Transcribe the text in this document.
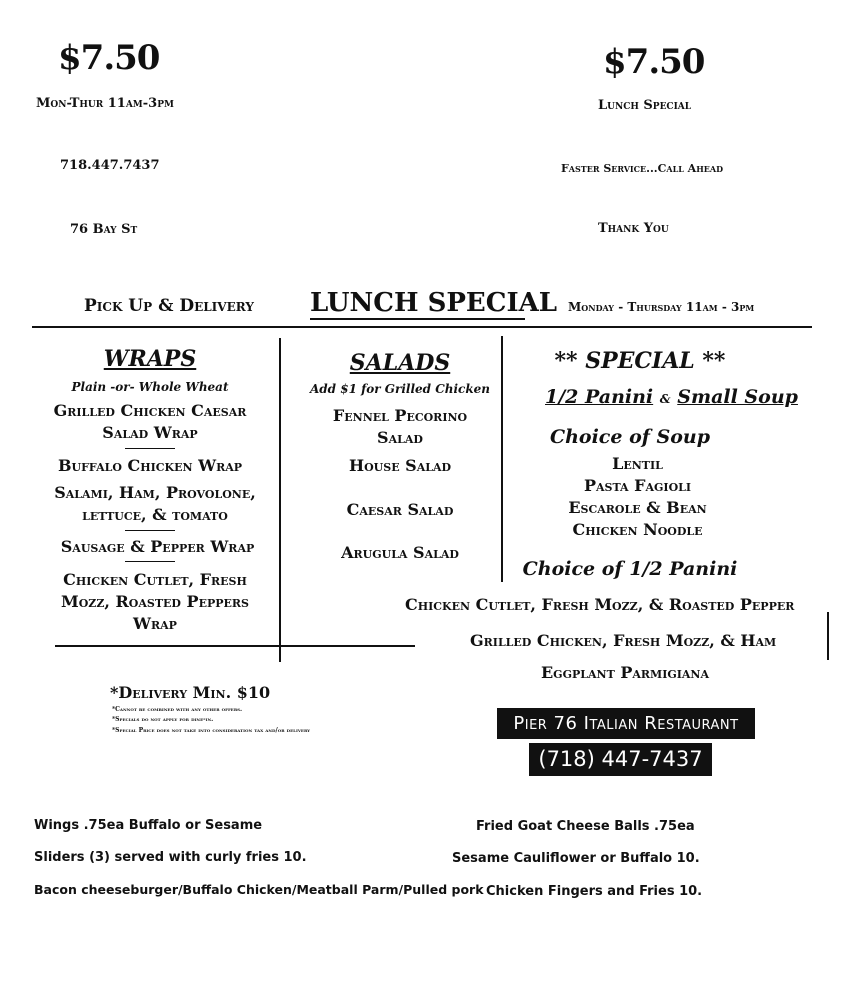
$7.50
Mon-Thur 11am-3pm
718.447.7437
76 Bay St
$7.50
Lunch Special
Faster Service...Call Ahead
Thank You
Pick Up & Delivery LUNCH SPECIAL Monday - Thursday 11am - 3pm
WRAPS
Plain -or- Whole Wheat
Grilled Chicken Caesar Salad Wrap
Buffalo Chicken Wrap
Salami, Ham, Provolone, lettuce, & tomato
Sausage & Pepper Wrap
Chicken Cutlet, Fresh Mozz, Roasted Peppers Wrap
SALADS
Add $1 for Grilled Chicken
Fennel Pecorino Salad
House Salad
Caesar Salad
Arugula Salad
** SPECIAL **
1/2 Panini & Small Soup
Choice of Soup
Lentil
Pasta Fagioli
Escarole & Bean
Chicken Noodle
Choice of 1/2 Panini
Chicken Cutlet, Fresh Mozz, & Roasted Pepper
Grilled Chicken, Fresh Mozz, & Ham
Eggplant Parmigiana
*Delivery Min. $10
*Cannot be combined with any other offers.
*Specials do not apply for dine-in.
*Special Price does not take into consideration tax and/or delivery	Pier 76 Italian Restaurant
(718) 447-7437
Wings .75ea Buffalo or Sesame
Sliders (3) served with curly fries 10.
Bacon cheeseburger/Buffalo Chicken/Meatball Parm/Pulled pork
Fried Goat Cheese Balls .75ea
Sesame Cauliflower or Buffalo 10.
Chicken Fingers and Fries 10.
